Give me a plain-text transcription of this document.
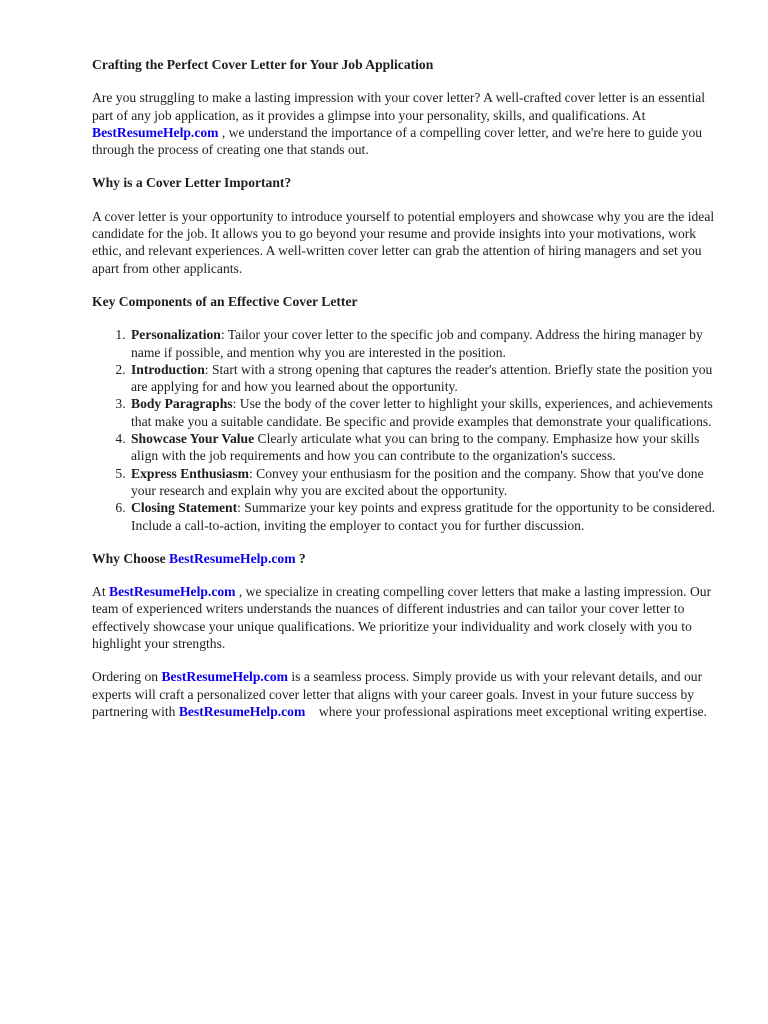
Crafting the Perfect Cover Letter for Your Job Application

Are you struggling to make a lasting impression with your cover letter? A well-crafted cover letter is an essential part of any job application, as it provides a glimpse into your personality, skills, and qualifications. At BestResumeHelp.com , we understand the importance of a compelling cover letter, and we're here to guide you through the process of creating one that stands out.

Why is a Cover Letter Important?

A cover letter is your opportunity to introduce yourself to potential employers and showcase why you are the ideal candidate for the job. It allows you to go beyond your resume and provide insights into your motivations, work ethic, and relevant experiences. A well-written cover letter can grab the attention of hiring managers and set you apart from other applicants.

Key Components of an Effective Cover Letter
1. Personalization: Tailor your cover letter to the specific job and company. Address the hiring manager by name if possible, and mention why you are interested in the position.
2. Introduction: Start with a strong opening that captures the reader's attention. Briefly state the position you are applying for and how you learned about the opportunity.
3. Body Paragraphs: Use the body of the cover letter to highlight your skills, experiences, and achievements that make you a suitable candidate. Be specific and provide examples that demonstrate your qualifications.
4. Showcase Your Value Clearly articulate what you can bring to the company. Emphasize how your skills align with the job requirements and how you can contribute to the organization's success.
5. Express Enthusiasm: Convey your enthusiasm for the position and the company. Show that you've done your research and explain why you are excited about the opportunity.
6. Closing Statement: Summarize your key points and express gratitude for the opportunity to be considered. Include a call-to-action, inviting the employer to contact you for further discussion.
Why Choose BestResumeHelp.com ?

At BestResumeHelp.com , we specialize in creating compelling cover letters that make a lasting impression. Our team of experienced writers understands the nuances of different industries and can tailor your cover letter to effectively showcase your unique qualifications. We prioritize your individuality and work closely with you to highlight your strengths.

Ordering on BestResumeHelp.com is a seamless process. Simply provide us with your relevant details, and our experts will craft a personalized cover letter that aligns with your career goals. Invest in your future success by partnering with BestResumeHelp.com    where your professional aspirations meet exceptional writing expertise.
